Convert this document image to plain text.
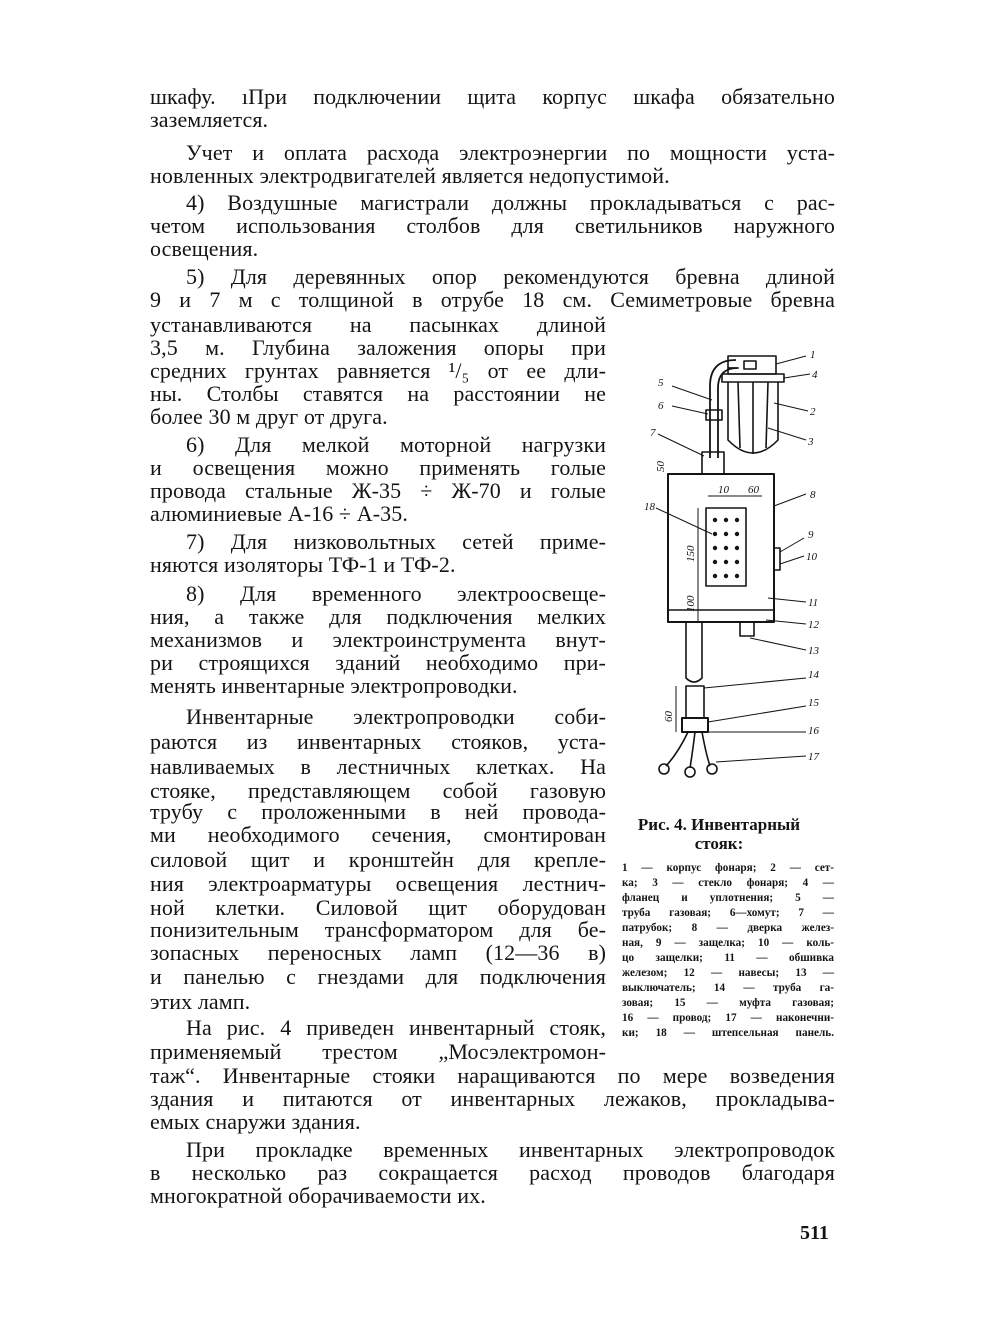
шкафу. ıПри подключении щита корпус шкафа обязательно

заземляется.

Учет и оплата расхода электроэнергии по мощности уста-

новленных электродвигателей является недопустимой.

4) Воздушные магистрали должны прокладываться с рас-

четом использования столбов для светильников наружного

освещения.

5) Для деревянных опор рекомендуются бревна длиной

9 и 7 м с толщиной в отрубе 18 см. Семиметровые бревна

устанавливаются на пасынках длиной

3,5 м. Глубина заложения опоры при

средних грунтах равняется ¹/₅ от ее дли-

ны. Столбы ставятся на расстоянии не

более 30 м друг от друга.

6) Для мелкой моторной нагрузки

и освещения можно применять голые

провода стальные Ж-35 ÷ Ж-70 и голые

алюминиевые А-16 ÷ А-35.

7) Для низковольтных сетей приме-

няются изоляторы ТФ-1 и ТФ-2.

8) Для временного электроосвеще-

ния, а также для подключения мелких

механизмов и электроинструмента внут-

ри строящихся зданий необходимо при-

менять инвентарные электропроводки.

Инвентарные электропроводки соби-

раются из инвентарных стояков, уста-

навливаемых в лестничных клетках. На

стояке, представляющем собой газовую

трубу с проложенными в ней провода-

ми необходимого сечения, смонтирован

силовой щит и кронштейн для крепле-

ния электроарматуры освещения лестнич-

ной клетки. Силовой щит оборудован

понизительным трансформатором для бе-

зопасных переносных ламп (12—36 в)

и панелью с гнездами для подключения

этих ламп.

На рис. 4 приведен инвентарный стояк,

применяемый трестом „Мосэлектромон-

таж“. Инвентарные стояки наращиваются по мере возведения

здания и питаются от инвентарных лежаков, прокладыва-

емых снаружи здания.

При прокладке временных инвентарных электропроводок

в несколько раз сокращается расход проводов благодаря

многократной оборачиваемости их.

1
4
2
3
5
6
7
8
18
9
10
11
12
13
14
15
16
17
50
10 60
150
100
60
Рис. 4. Инвентарный
стояк:
1 — корпус фонаря; 2 — сет-
ка; 3 — стекло фонаря; 4 —
фланец и уплотнения; 5 —
труба газовая; 6—хомут; 7 —
патрубок; 8 — дверка желез-
ная, 9 — защелка; 10 — коль-
цо защелки; 11 — обшивка
железом; 12 — навесы; 13 —
выключатель; 14 — труба га-
зовая; 15 — муфта газовая;
16 — провод; 17 — наконечни-
ки; 18 — штепсельная панель.
511
